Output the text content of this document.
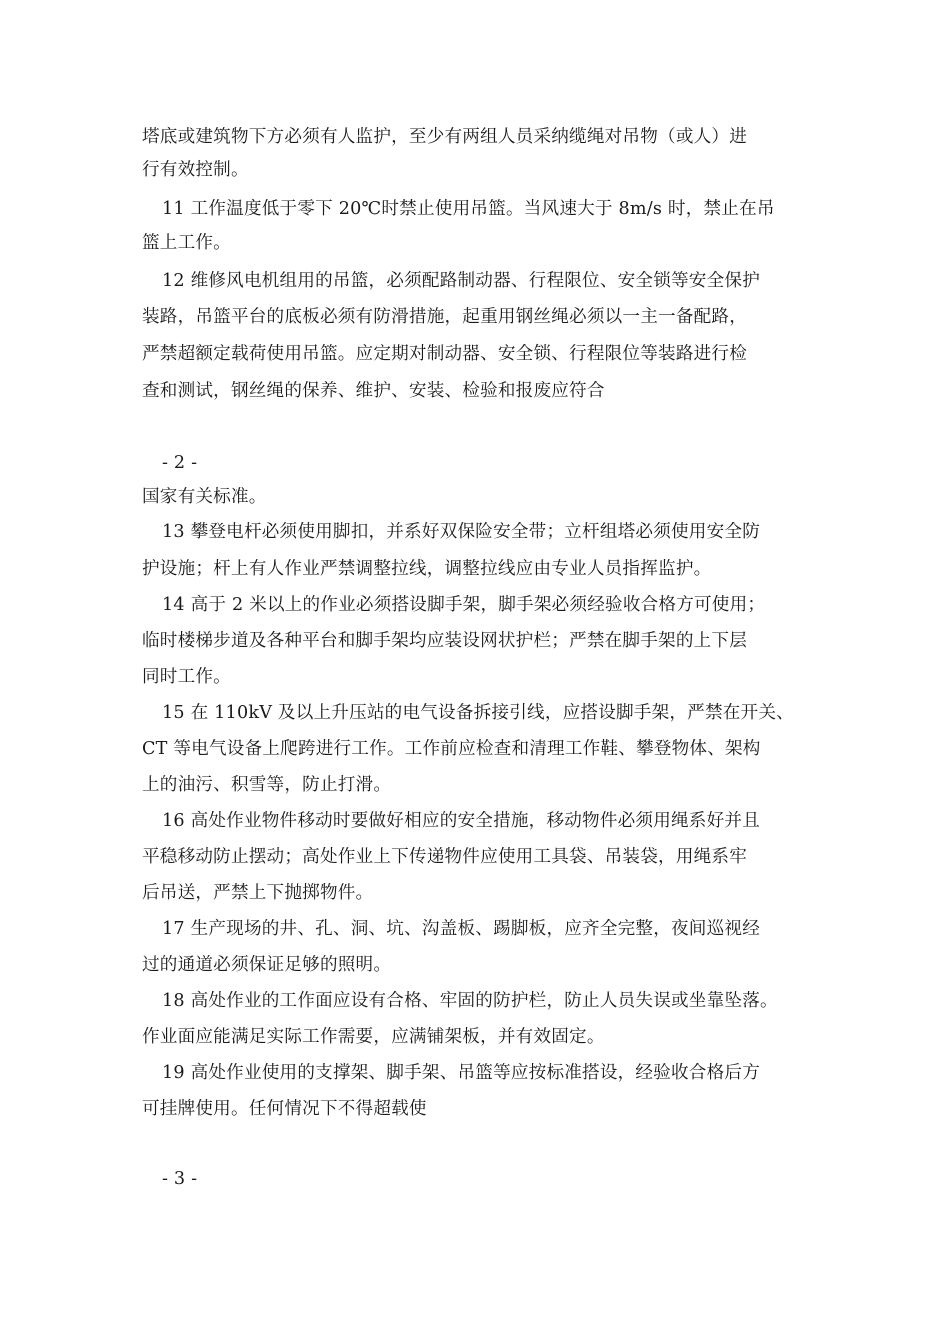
塔底或建筑物下方必须有人监护，至少有两组人员采纳缆绳对吊物（或人）进
行有效控制。
11 工作温度低于零下 20℃时禁止使用吊篮。当风速大于 8m/s 时，禁止在吊
篮上工作。
12 维修风电机组用的吊篮，必须配路制动器、行程限位、安全锁等安全保护
装路，吊篮平台的底板必须有防滑措施，起重用钢丝绳必须以一主一备配路，
严禁超额定载荷使用吊篮。应定期对制动器、安全锁、行程限位等装路进行检
查和测试，钢丝绳的保养、维护、安装、检验和报废应符合
- 2 -
国家有关标准。
13 攀登电杆必须使用脚扣，并系好双保险安全带；立杆组塔必须使用安全防
护设施；杆上有人作业严禁调整拉线，调整拉线应由专业人员指挥监护。
14 高于 2 米以上的作业必须搭设脚手架，脚手架必须经验收合格方可使用；
临时楼梯步道及各种平台和脚手架均应装设网状护栏；严禁在脚手架的上下层
同时工作。
15 在 110kV 及以上升压站的电气设备拆接引线，应搭设脚手架，严禁在开关、
CT 等电气设备上爬跨进行工作。工作前应检查和清理工作鞋、攀登物体、架构
上的油污、积雪等，防止打滑。
16 高处作业物件移动时要做好相应的安全措施，移动物件必须用绳系好并且
平稳移动防止摆动；高处作业上下传递物件应使用工具袋、吊装袋，用绳系牢
后吊送，严禁上下抛掷物件。
17 生产现场的井、孔、洞、坑、沟盖板、踢脚板，应齐全完整，夜间巡视经
过的通道必须保证足够的照明。
18 高处作业的工作面应设有合格、牢固的防护栏，防止人员失误或坐靠坠落。
作业面应能满足实际工作需要，应满铺架板，并有效固定。
19 高处作业使用的支撑架、脚手架、吊篮等应按标准搭设，经验收合格后方
可挂牌使用。任何情况下不得超载使
- 3 -
